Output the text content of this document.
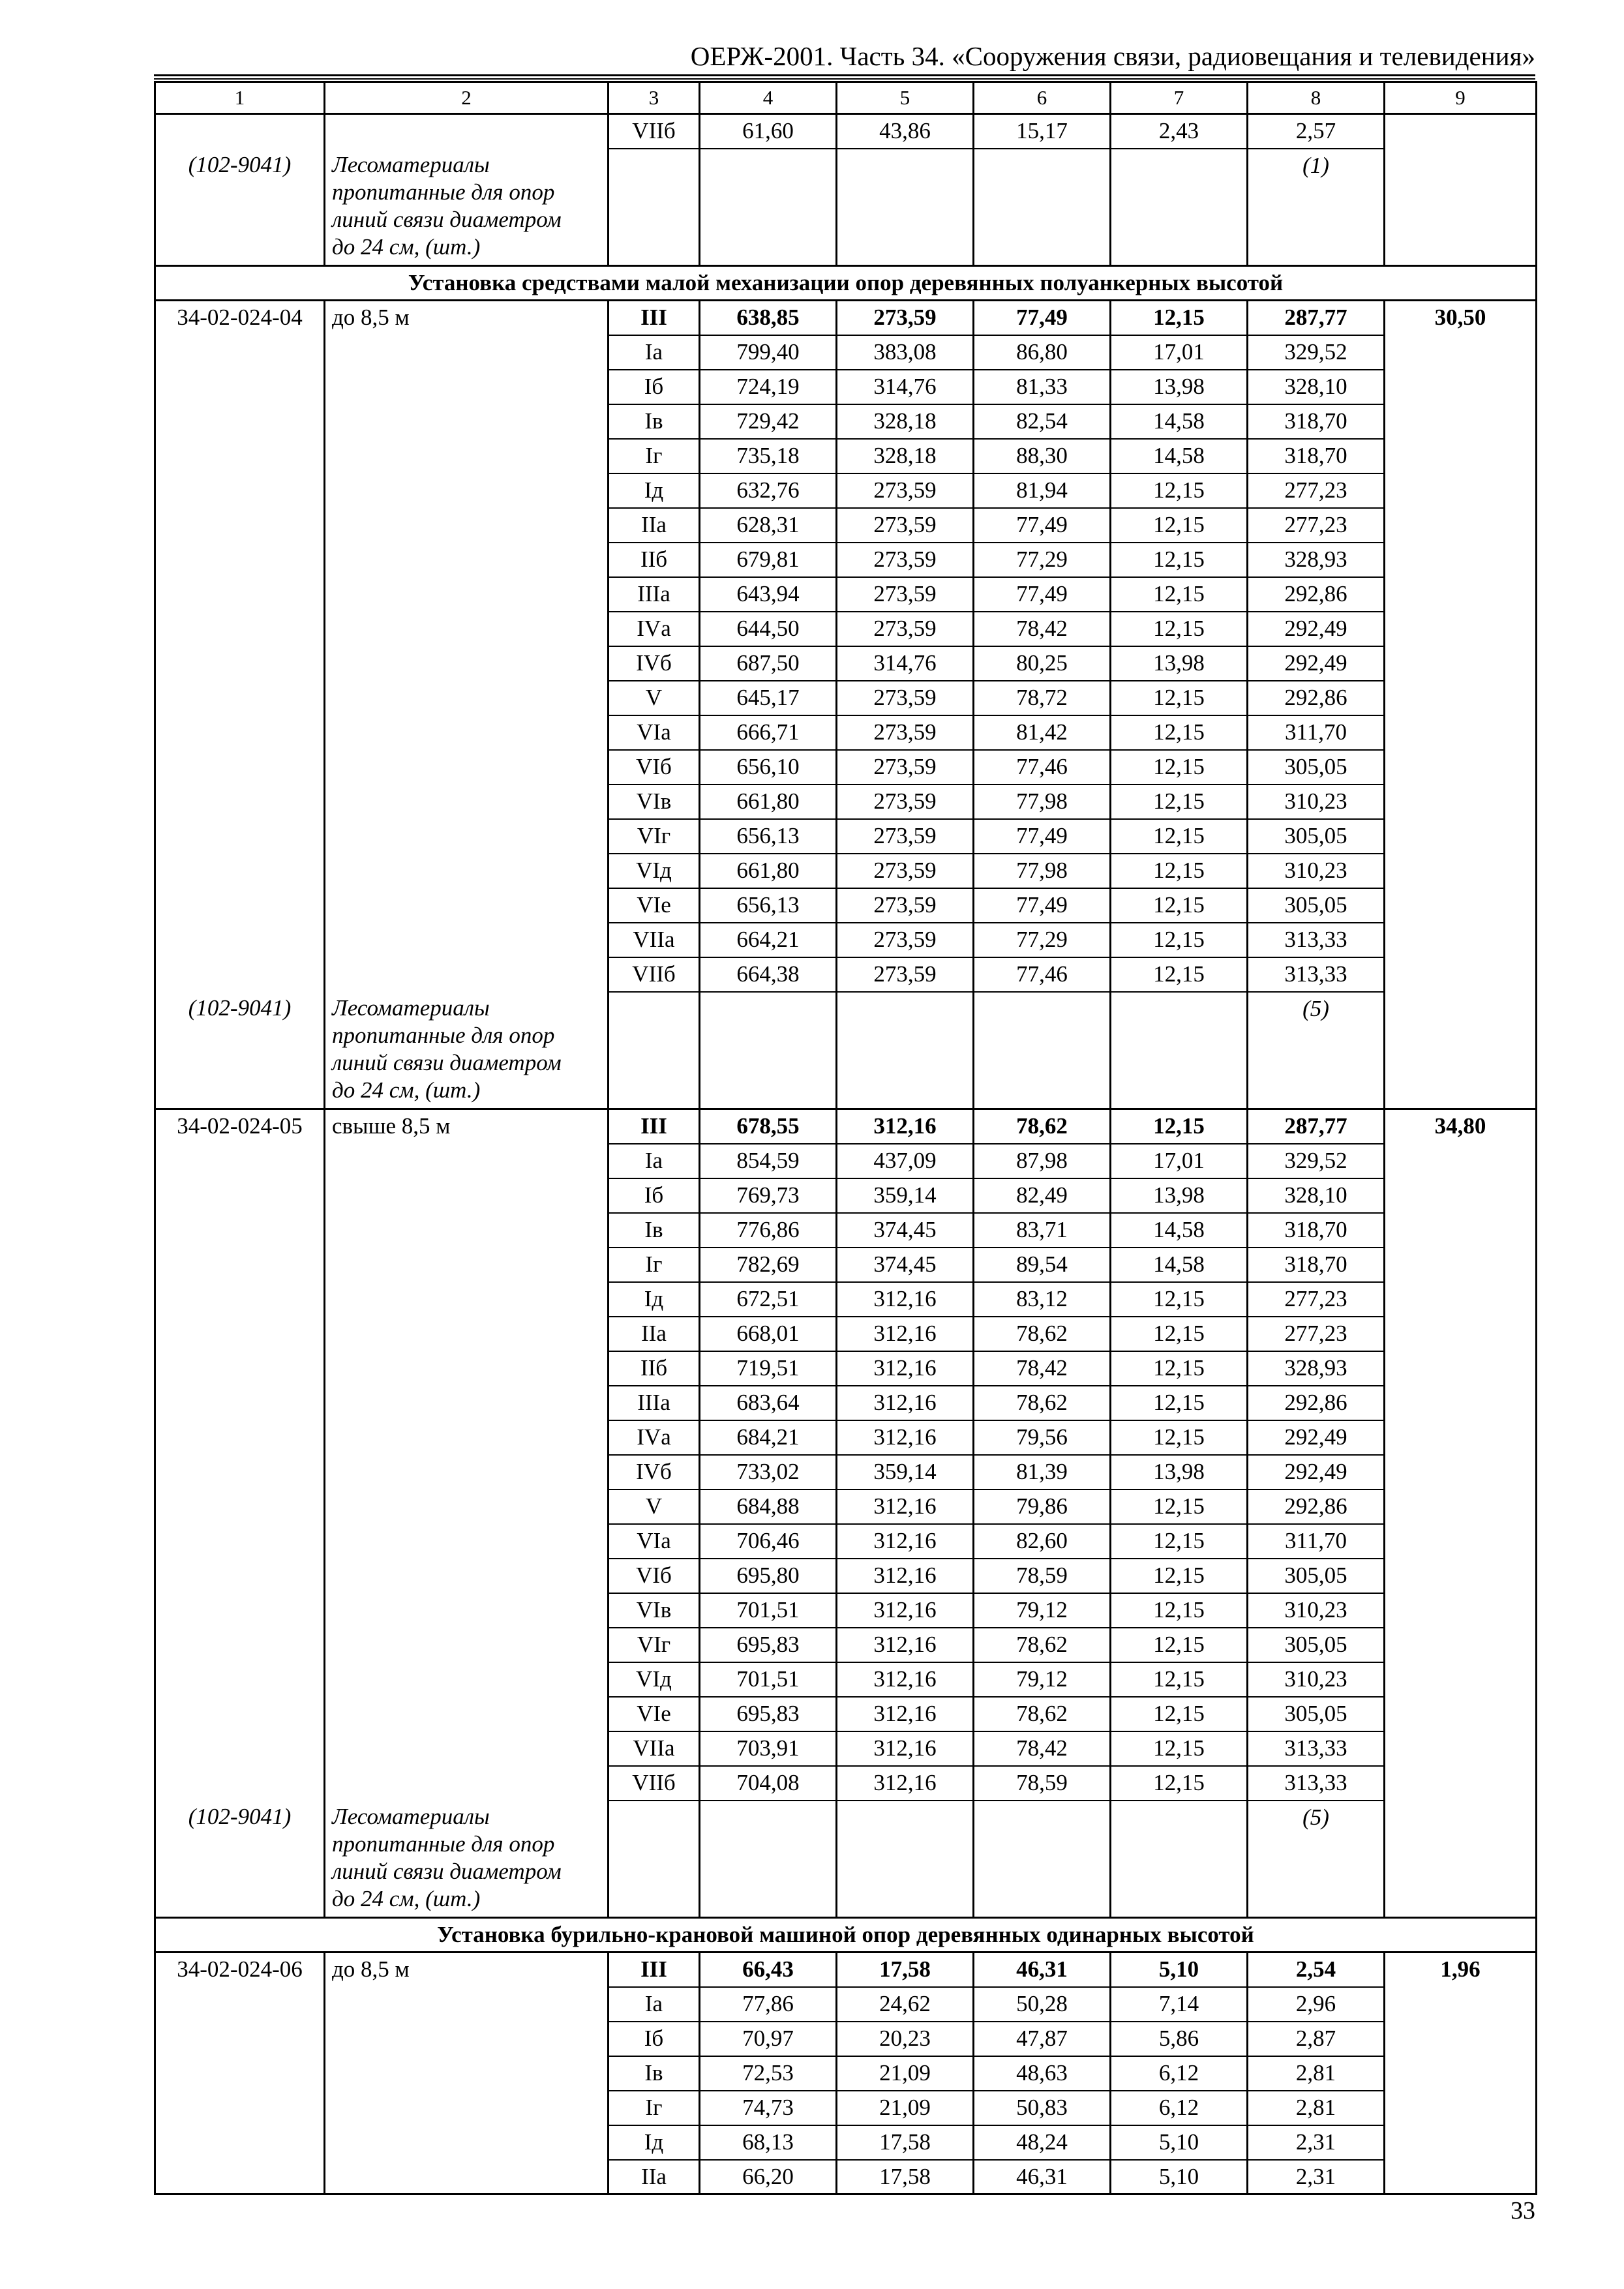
ОЕРЖ-2001. Часть 34. «Сооружения связи, радиовещания и телевидения»
1	2	3	4	5	6	7	8	9
		VIIб	61,60	43,86	15,17	2,43	2,57	
(102-9041)	Лесоматериалы
пропитанные для опор
линий связи диаметром
до 24 см, (шт.)						(1)	
Установка средствами малой механизации опор деревянных полуанкерных высотой								
34-02-024-04	до 8,5 м	III	638,85	273,59	77,49	12,15	287,77	30,50
		Iа	799,40	383,08	86,80	17,01	329,52	
		Iб	724,19	314,76	81,33	13,98	328,10	
		Iв	729,42	328,18	82,54	14,58	318,70	
		Iг	735,18	328,18	88,30	14,58	318,70	
		Iд	632,76	273,59	81,94	12,15	277,23	
		IIа	628,31	273,59	77,49	12,15	277,23	
		IIб	679,81	273,59	77,29	12,15	328,93	
		IIIа	643,94	273,59	77,49	12,15	292,86	
		IVа	644,50	273,59	78,42	12,15	292,49	
		IVб	687,50	314,76	80,25	13,98	292,49	
		V	645,17	273,59	78,72	12,15	292,86	
		VIа	666,71	273,59	81,42	12,15	311,70	
		VIб	656,10	273,59	77,46	12,15	305,05	
		VIв	661,80	273,59	77,98	12,15	310,23	
		VIг	656,13	273,59	77,49	12,15	305,05	
		VIд	661,80	273,59	77,98	12,15	310,23	
		VIе	656,13	273,59	77,49	12,15	305,05	
		VIIа	664,21	273,59	77,29	12,15	313,33	
		VIIб	664,38	273,59	77,46	12,15	313,33	
(102-9041)	Лесоматериалы
пропитанные для опор
линий связи диаметром
до 24 см, (шт.)						(5)	
34-02-024-05	свыше 8,5 м	III	678,55	312,16	78,62	12,15	287,77	34,80
		Iа	854,59	437,09	87,98	17,01	329,52	
		Iб	769,73	359,14	82,49	13,98	328,10	
		Iв	776,86	374,45	83,71	14,58	318,70	
		Iг	782,69	374,45	89,54	14,58	318,70	
		Iд	672,51	312,16	83,12	12,15	277,23	
		IIа	668,01	312,16	78,62	12,15	277,23	
		IIб	719,51	312,16	78,42	12,15	328,93	
		IIIа	683,64	312,16	78,62	12,15	292,86	
		IVа	684,21	312,16	79,56	12,15	292,49	
		IVб	733,02	359,14	81,39	13,98	292,49	
		V	684,88	312,16	79,86	12,15	292,86	
		VIа	706,46	312,16	82,60	12,15	311,70	
		VIб	695,80	312,16	78,59	12,15	305,05	
		VIв	701,51	312,16	79,12	12,15	310,23	
		VIг	695,83	312,16	78,62	12,15	305,05	
		VIд	701,51	312,16	79,12	12,15	310,23	
		VIе	695,83	312,16	78,62	12,15	305,05	
		VIIа	703,91	312,16	78,42	12,15	313,33	
		VIIб	704,08	312,16	78,59	12,15	313,33	
(102-9041)	Лесоматериалы
пропитанные для опор
линий связи диаметром
до 24 см, (шт.)						(5)	
Установка бурильно-крановой машиной опор деревянных одинарных высотой								
34-02-024-06	до 8,5 м	III	66,43	17,58	46,31	5,10	2,54	1,96
		Iа	77,86	24,62	50,28	7,14	2,96	
		Iб	70,97	20,23	47,87	5,86	2,87	
		Iв	72,53	21,09	48,63	6,12	2,81	
		Iг	74,73	21,09	50,83	6,12	2,81	
		Iд	68,13	17,58	48,24	5,10	2,31	
		IIа	66,20	17,58	46,31	5,10	2,31	
33
